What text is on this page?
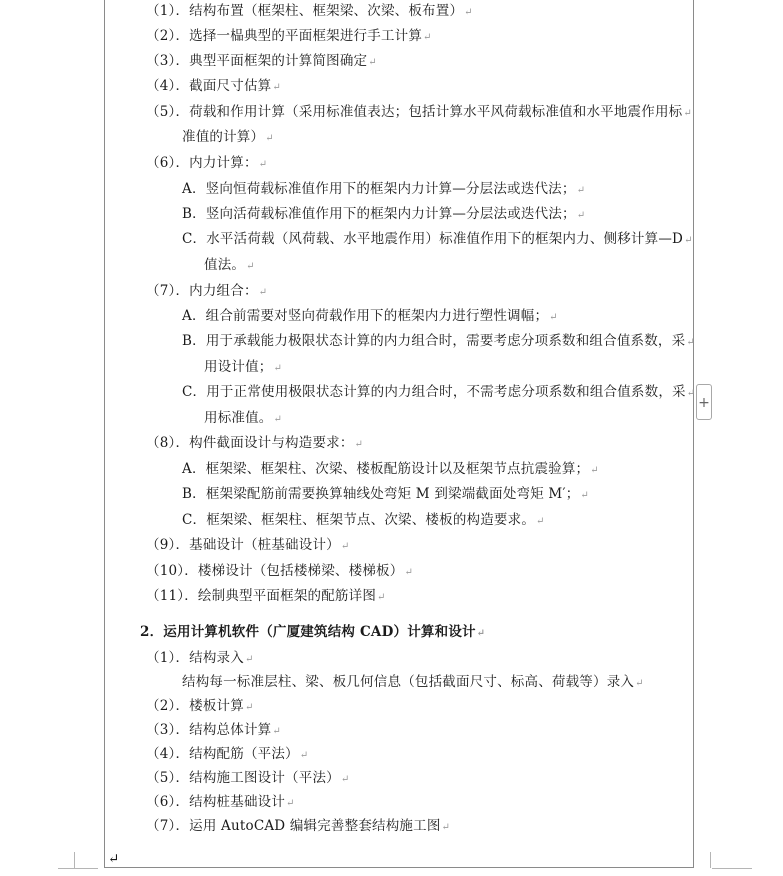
（1）．结构布置（框架柱、框架梁、次梁、板布置）↵
（2）．选择一榀典型的平面框架进行手工计算↵
（3）．典型平面框架的计算简图确定↵
（4）．截面尺寸估算↵
（5）．荷载和作用计算（采用标准值表达；包括计算水平风荷载标准值和水平地震作用标↵
准值的计算）↵
（6）．内力计算：↵
A．竖向恒荷载标准值作用下的框架内力计算—分层法或迭代法；↵
B．竖向活荷载标准值作用下的框架内力计算—分层法或迭代法；↵
C．水平活荷载（风荷载、水平地震作用）标准值作用下的框架内力、侧移计算—D↵
值法。↵
（7）．内力组合：↵
A．组合前需要对竖向荷载作用下的框架内力进行塑性调幅；↵
B．用于承载能力极限状态计算的内力组合时，需要考虑分项系数和组合值系数，采↵
用设计值；↵
C．用于正常使用极限状态计算的内力组合时，不需考虑分项系数和组合值系数，采↵
用标准值。↵
（8）．构件截面设计与构造要求：↵
A．框架梁、框架柱、次梁、楼板配筋设计以及框架节点抗震验算；↵
B．框架梁配筋前需要换算轴线处弯矩 M 到梁端截面处弯矩 M′；↵
C．框架梁、框架柱、框架节点、次梁、楼板的构造要求。↵
（9）．基础设计（桩基础设计）↵
（10）．楼梯设计（包括楼梯梁、楼梯板）↵
（11）．绘制典型平面框架的配筋详图↵
2．运用计算机软件（广厦建筑结构 CAD）计算和设计↵
（1）．结构录入↵
结构每一标准层柱、梁、板几何信息（包括截面尺寸、标高、荷载等）录入↵
（2）．楼板计算↵
（3）．结构总体计算↵
（4）．结构配筋（平法）↵
（5）．结构施工图设计（平法）↵
（6）．结构桩基础设计↵
（7）．运用 AutoCAD 编辑完善整套结构施工图↵
↵
+
